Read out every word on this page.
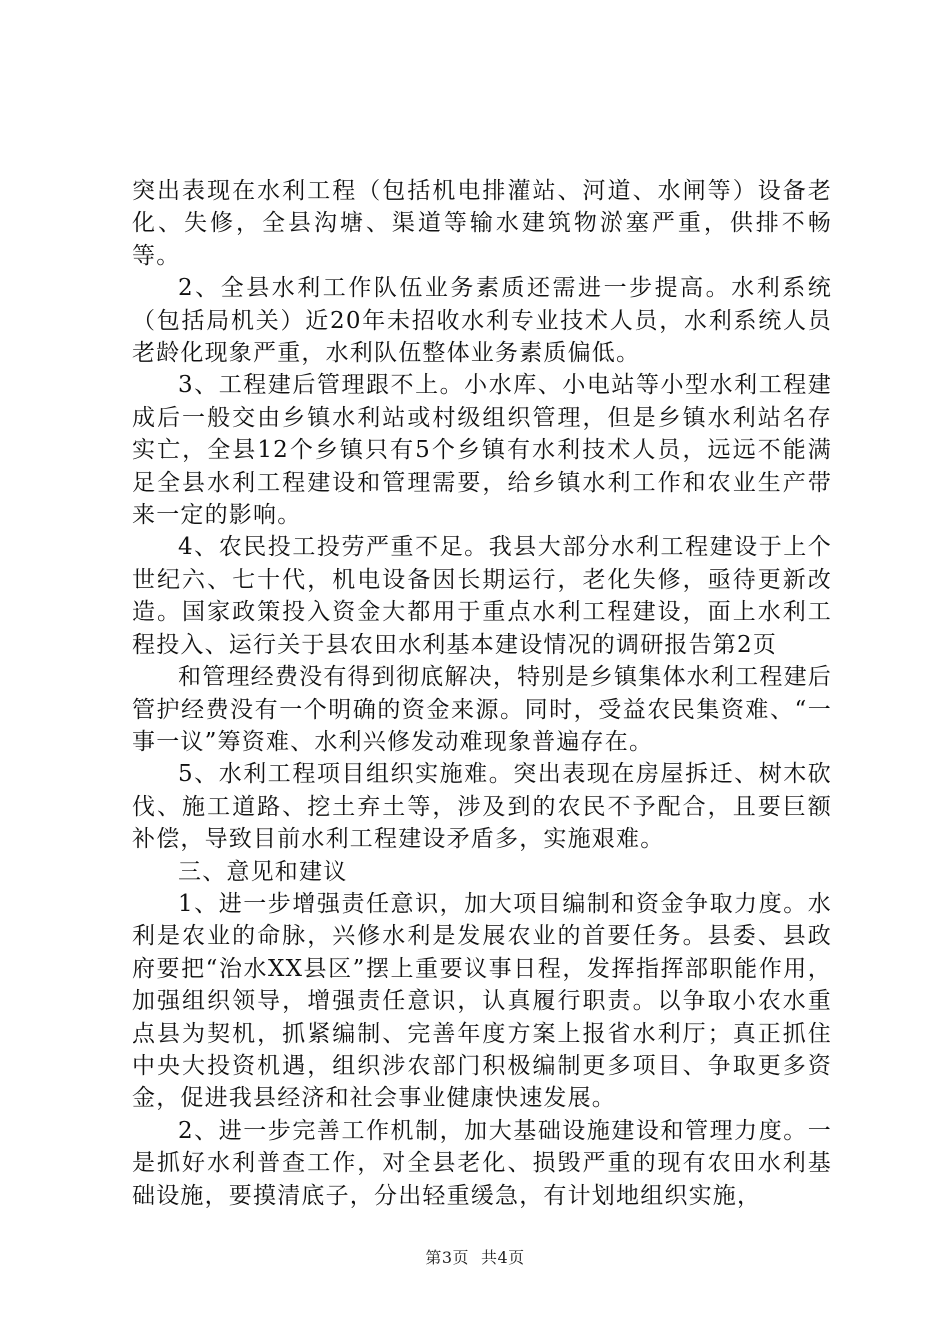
突出表现在水利工程（包括机电排灌站、河道、水闸等）设备老化、失修，全县沟塘、渠道等输水建筑物淤塞严重，供排不畅等。

2、全县水利工作队伍业务素质还需进一步提高。水利系统（包括局机关）近20年未招收水利专业技术人员，水利系统人员老龄化现象严重，水利队伍整体业务素质偏低。

3、工程建后管理跟不上。小水库、小电站等小型水利工程建成后一般交由乡镇水利站或村级组织管理，但是乡镇水利站名存实亡，全县12个乡镇只有5个乡镇有水利技术人员，远远不能满足全县水利工程建设和管理需要，给乡镇水利工作和农业生产带来一定的影响。

4、农民投工投劳严重不足。我县大部分水利工程建设于上个世纪六、七十代，机电设备因长期运行，老化失修，亟待更新改造。国家政策投入资金大都用于重点水利工程建设，面上水利工程投入、运行关于县农田水利基本建设情况的调研报告第2页

和管理经费没有得到彻底解决，特别是乡镇集体水利工程建后管护经费没有一个明确的资金来源。同时，受益农民集资难、“一事一议”筹资难、水利兴修发动难现象普遍存在。

5、水利工程项目组织实施难。突出表现在房屋拆迁、树木砍伐、施工道路、挖土弃土等，涉及到的农民不予配合，且要巨额补偿，导致目前水利工程建设矛盾多，实施艰难。

三、意见和建议

1、进一步增强责任意识，加大项目编制和资金争取力度。水利是农业的命脉，兴修水利是发展农业的首要任务。县委、县政府要把“治水XX县区”摆上重要议事日程，发挥指挥部职能作用，加强组织领导，增强责任意识，认真履行职责。以争取小农水重点县为契机，抓紧编制、完善年度方案上报省水利厅；真正抓住中央大投资机遇，组织涉农部门积极编制更多项目、争取更多资金，促进我县经济和社会事业健康快速发展。

2、进一步完善工作机制，加大基础设施建设和管理力度。一是抓好水利普查工作，对全县老化、损毁严重的现有农田水利基础设施，要摸清底子，分出轻重缓急，有计划地组织实施，

第3页 共4页
